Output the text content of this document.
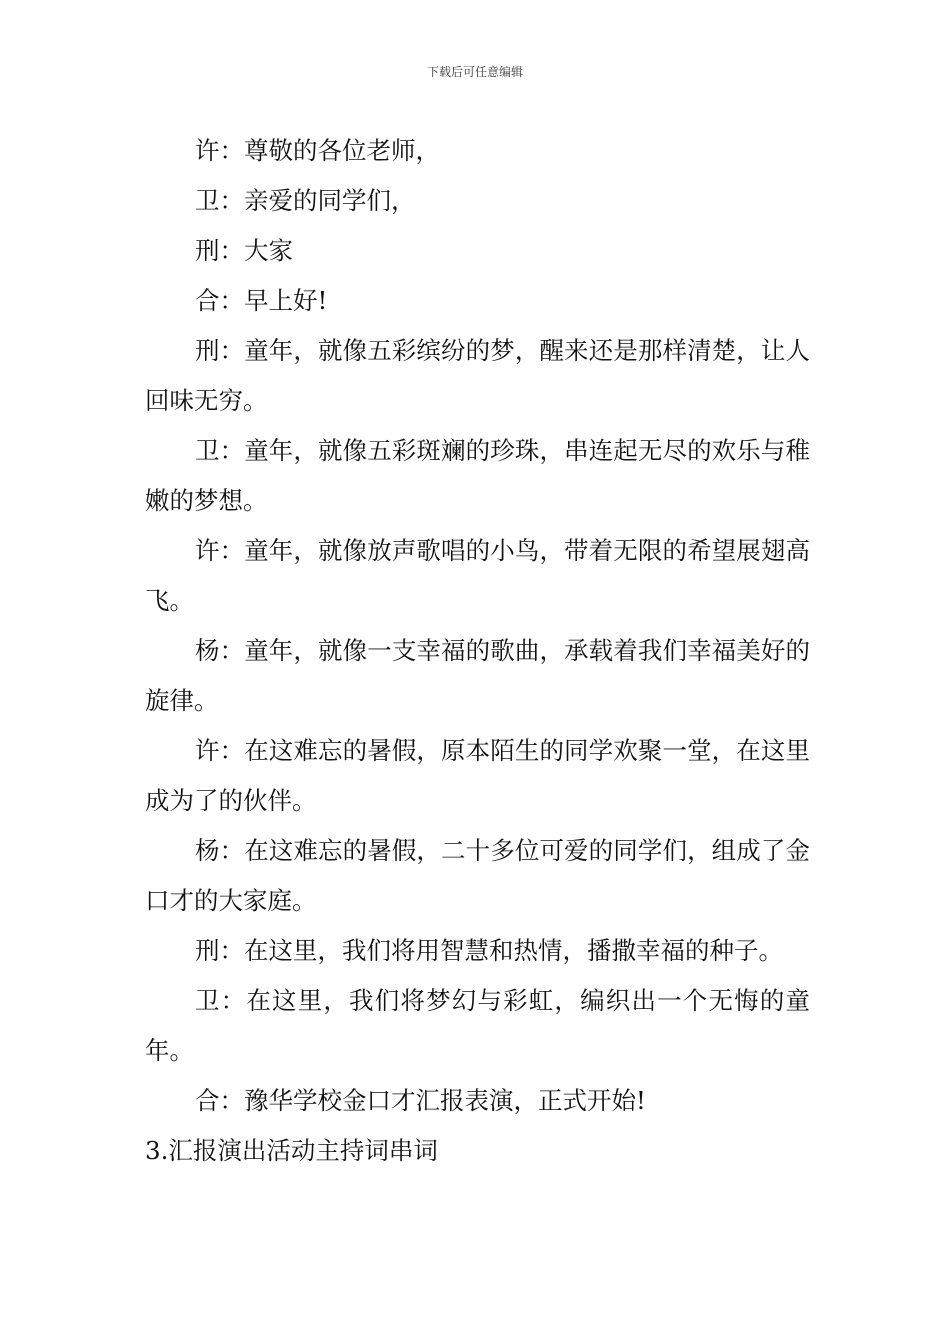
下载后可任意编辑

许：尊敬的各位老师，

卫：亲爱的同学们，

刑：大家

合：早上好!

刑：童年，就像五彩缤纷的梦，醒来还是那样清楚，让人回味无穷。

卫：童年，就像五彩斑斓的珍珠，串连起无尽的欢乐与稚嫩的梦想。

许：童年，就像放声歌唱的小鸟，带着无限的希望展翅高飞。

杨：童年，就像一支幸福的歌曲，承载着我们幸福美好的旋律。

许：在这难忘的暑假，原本陌生的同学欢聚一堂，在这里成为了的伙伴。

杨：在这难忘的暑假，二十多位可爱的同学们，组成了金口才的大家庭。

刑：在这里，我们将用智慧和热情，播撒幸福的种子。

卫：在这里，我们将梦幻与彩虹，编织出一个无悔的童年。

合：豫华学校金口才汇报表演，正式开始!

3.汇报演出活动主持词串词
